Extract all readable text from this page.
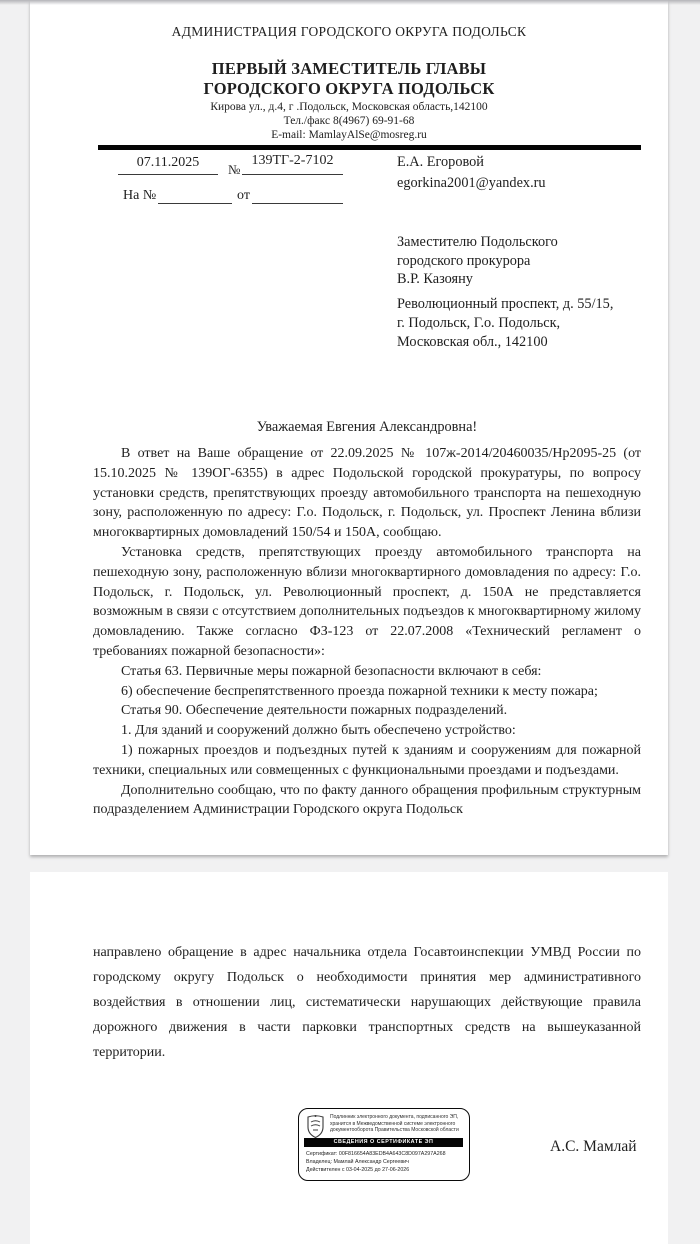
АДМИНИСТРАЦИЯ ГОРОДСКОГО ОКРУГА ПОДОЛЬСК
ПЕРВЫЙ ЗАМЕСТИТЕЛЬ ГЛАВЫ
ГОРОДСКОГО ОКРУГА ПОДОЛЬСК
Кирова ул., д.4, г .Подольск, Московская область,142100
Тел./факс 8(4967) 69-91-68
E-mail: MamlayAlSe@mosreg.ru
07.11.2025	№
139ТГ-2-7102
На №	от
Е.А. Егоровой
egorkina2001@yandex.ru
Заместителю Подольского
городского прокурора
В.Р. Казояну
Революционный проспект, д. 55/15,
г. Подольск, Г.о. Подольск,
Московская обл., 142100
Уважаемая Евгения Александровна!

В ответ на Ваше обращение от 22.09.2025 № 107ж-2014/20460035/Нр2095-25 (от 15.10.2025 № 139ОГ-6355) в адрес Подольской городской прокуратуры, по вопросу установки средств, препятствующих проезду автомобильного транспорта на пешеходную зону, расположенную по адресу: Г.о. Подольск, г. Подольск, ул. Проспект Ленина вблизи многоквартирных домовладений 150/54 и 150А, сообщаю.

Установка средств, препятствующих проезду автомобильного транспорта на пешеходную зону, расположенную вблизи многоквартирного домовладения по адресу: Г.о. Подольск, г. Подольск, ул. Революционный проспект, д. 150А не представляется возможным в связи с отсутствием дополнительных подъездов к многоквартирному жилому домовладению. Также согласно ФЗ-123 от 22.07.2008 «Технический регламент о требованиях пожарной безопасности»:

Статья 63. Первичные меры пожарной безопасности включают в себя:

6) обеспечение беспрепятственного проезда пожарной техники к месту пожара;

Статья 90. Обеспечение деятельности пожарных подразделений.

1. Для зданий и сооружений должно быть обеспечено устройство:

1) пожарных проездов и подъездных путей к зданиям и сооружениям для пожарной техники, специальных или совмещенных с функциональными проездами и подъездами.

Дополнительно сообщаю, что по факту данного обращения профильным структурным подразделением Администрации Городского округа Подольск

направлено обращение в адрес начальника отдела Госавтоинспекции УМВД России по городскому округу Подольск о необходимости принятия мер административного воздействия в отношении лиц, систематически нарушающих действующие правила дорожного движения в части парковки транспортных средств на вышеуказанной территории.

Подлинник электронного документа, подписанного ЭП, хранится в Межведомственной системе электронного документооборота Правительства Московской области
СВЕДЕНИЯ О СЕРТИФИКАТЕ ЭП
Сертификат: 00F816654A83EDB4A643C8D097A297A268
Владелец: Мамлай Александр Сергеевич
Действителен с 03-04-2025 до 27-06-2026
А.С. Мамлай
